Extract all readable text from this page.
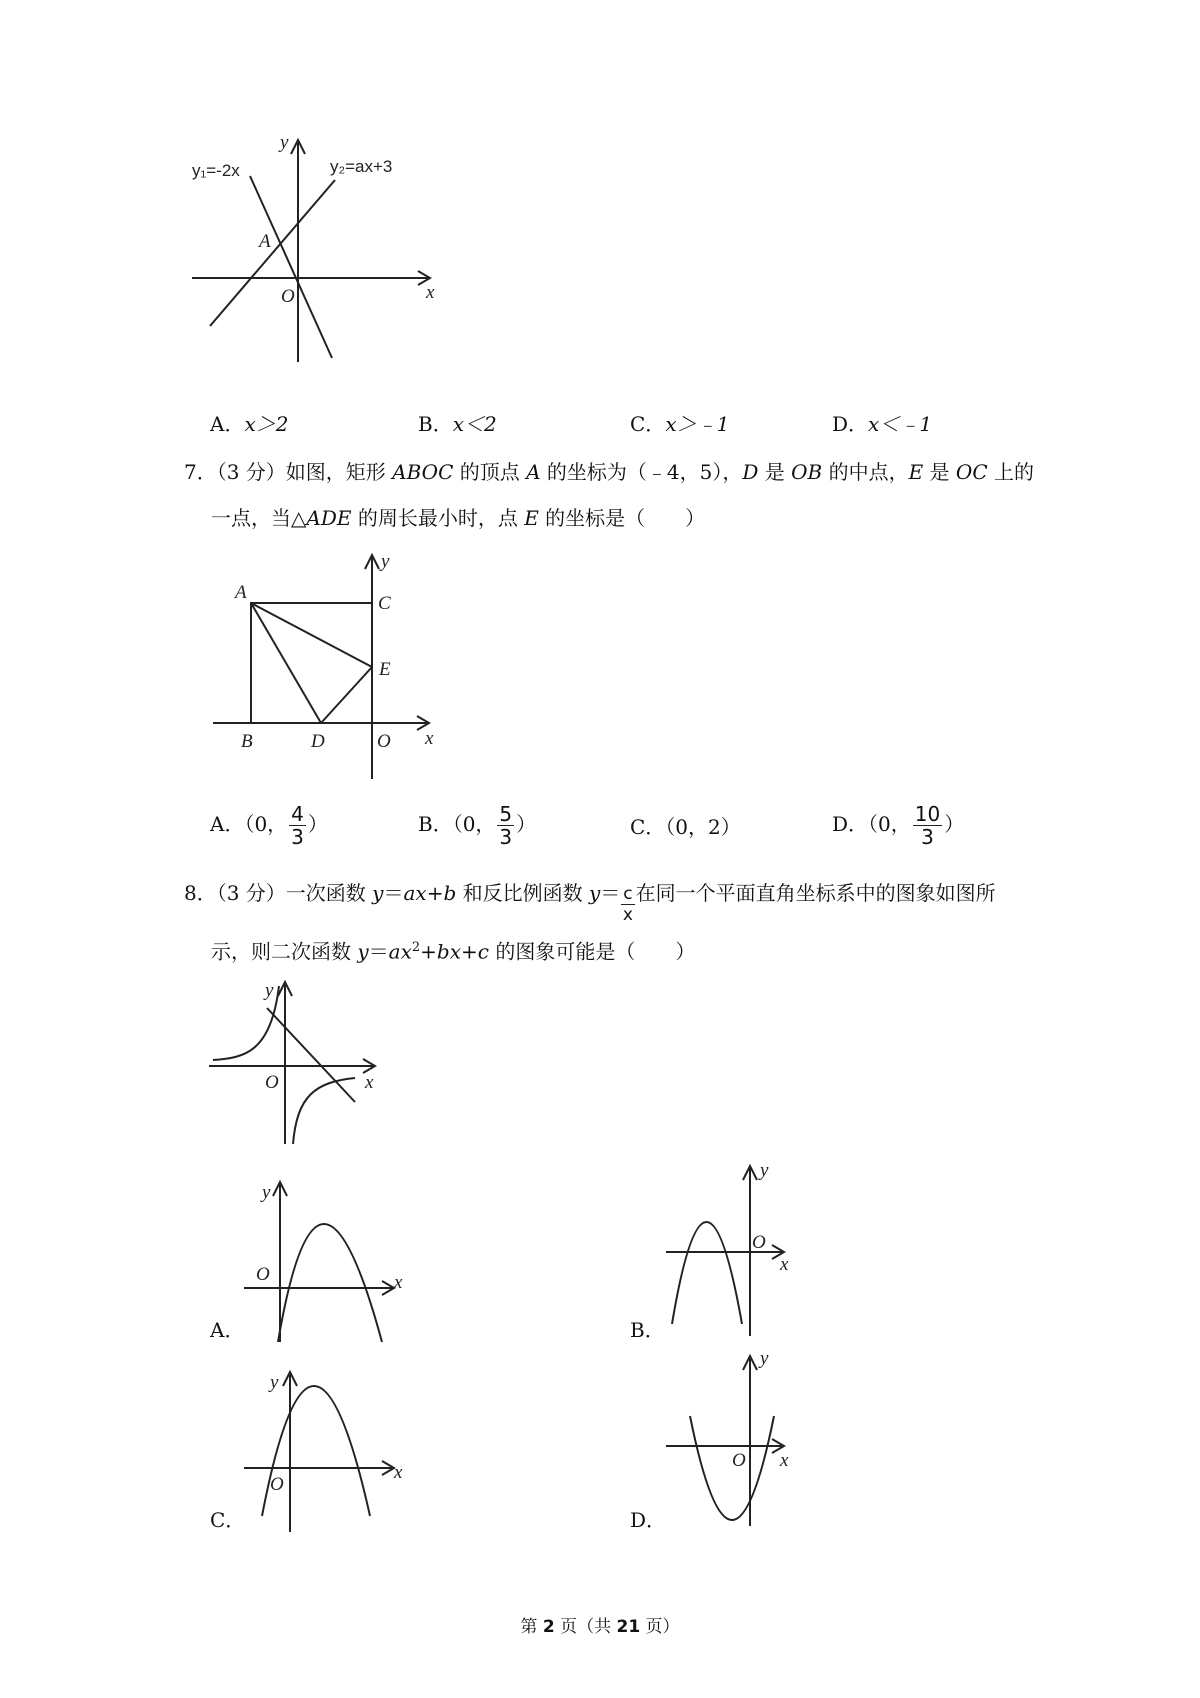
y₁=-2x	y₂=ax+3
y
x
A
O
A．x＞2	B．x＜2	C．x＞﹣1	D．x＜﹣1
7．（3 分）如图，矩形 ABOC 的顶点 A 的坐标为（﹣4，5），D 是 OB 的中点，E 是 OC 上的
一点，当△ADE 的周长最小时，点 E 的坐标是（　　）
A
B
C
D
E
O x
y
A．（0， $\frac{4}{3}$ ）	B．（0， $\frac{5}{3}$ ）	C．（0，2）	D．（0， $\frac{10}{3}$ ）
8．（3 分）一次函数 y＝ax+b 和反比例函数 $y= \frac{c}{x}$ 在同一个平面直角坐标系中的图象如图所
示，则二次函数 $y=ax^2+bx+c$ 的图象可能是（　　）
O	x
y
O	x
y
A．
O
x
y
B．
O
x
y
C．
O x
y
D．
第 2 页（共 21 页）
